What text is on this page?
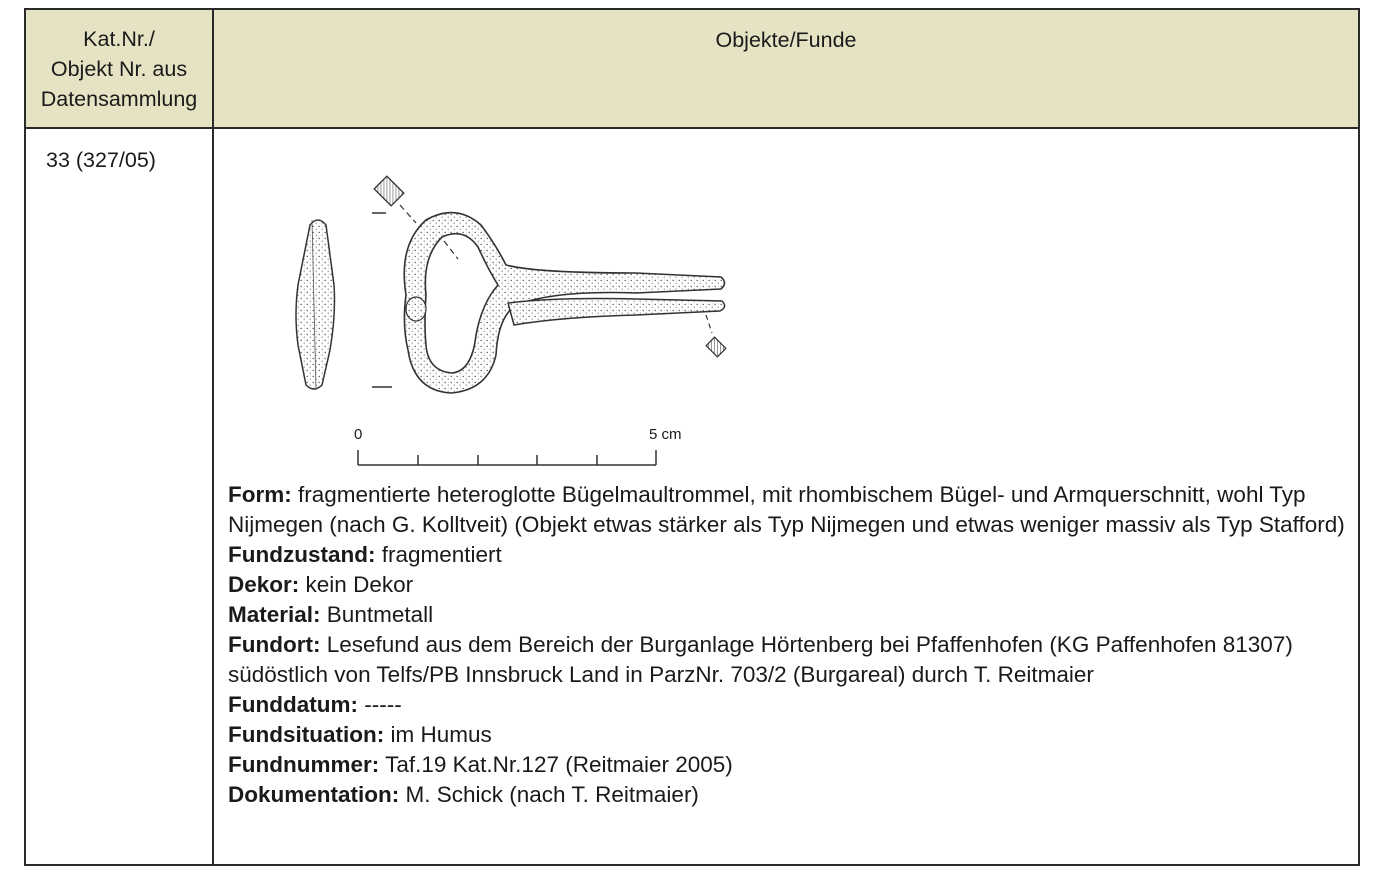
Kat.Nr./
Objekt Nr. aus
Datensammlung
Objekte/Funde
33 (327/05)
0	5 cm
Form: fragmentierte heteroglotte Bügelmaultrommel, mit rhombischem Bügel- und Armquerschnitt, wohl Typ Nijmegen (nach G. Kolltveit) (Objekt etwas stärker als Typ Nijmegen und etwas weniger massiv als Typ Stafford)
Fundzustand: fragmentiert
Dekor: kein Dekor
Material: Buntmetall
Fundort: Lesefund aus dem Bereich der Burganlage Hörtenberg bei Pfaffenhofen (KG Paffenhofen 81307) südöstlich von Telfs/PB Innsbruck Land in ParzNr. 703/2 (Burgareal) durch T. Reitmaier
Funddatum: -----
Fundsituation: im Humus
Fundnummer: Taf.19 Kat.Nr.127 (Reitmaier 2005)
Dokumentation: M. Schick (nach T. Reitmaier)
